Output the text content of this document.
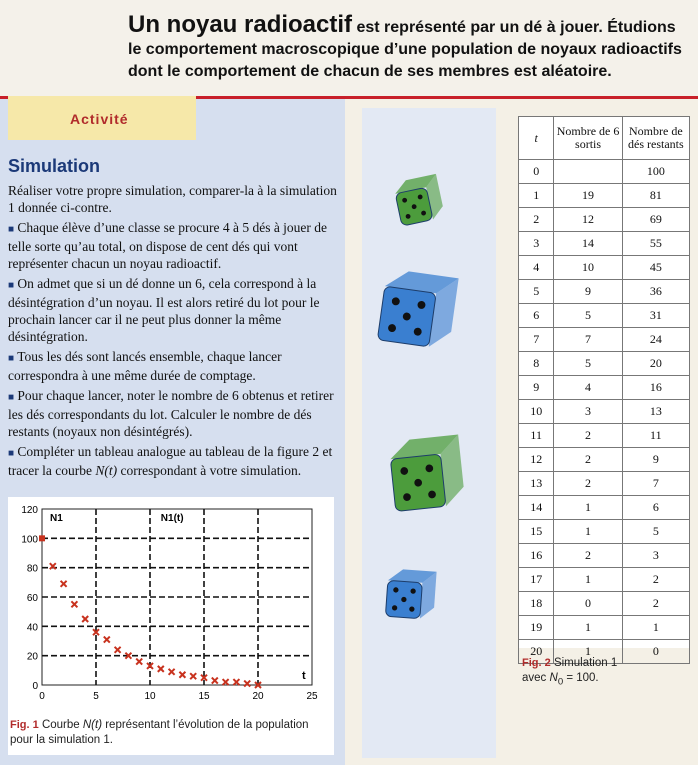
Un noyau radioactif est représenté par un dé à jouer. Étudions le comportement macroscopique d’une population de noyaux radioactifs dont le comportement de chacun de ses membres est aléatoire.
Activité
Simulation

Réaliser votre propre simulation, comparer-la à la simulation 1 donnée ci-contre.

■ Chaque élève d’une classe se procure 4 à 5 dés à jouer de telle sorte qu’au total, on dispose de cent dés qui vont représenter chacun un noyau radioactif.

■ On admet que si un dé donne un 6, cela correspond à la désintégration d’un noyau. Il est alors retiré du lot pour le prochain lancer car il ne peut plus donner la même désintégration.

■ Tous les dés sont lancés ensemble, chaque lancer correspondra à une même durée de comptage.

■ Pour chaque lancer, noter le nombre de 6 obtenus et retirer les dés correspondants du lot. Calculer le nombre de dés restants (noyaux non désintégrés).

■ Compléter un tableau analogue au tableau de la figure 2 et tracer la courbe N(t) correspondant à votre simulation.

0
20
40
60
80
100
120
0	5	10	15	20	25
N1	N1(t)
t
Fig. 1 Courbe N(t) représentant l’évolution de la population pour la simulation 1.
t	Nombre de 6 sortis	Nombre de dés restants
0		100
1	19	81
2	12	69
3	14	55
4	10	45
5	9	36
6	5	31
7	7	24
8	5	20
9	4	16
10	3	13
11	2	11
12	2	9
13	2	7
14	1	6
15	1	5
16	2	3
17	1	2
18	0	2
19	1	1
20	1	0
Fig. 2 Simulation 1
avec $N_0 = 100$.
